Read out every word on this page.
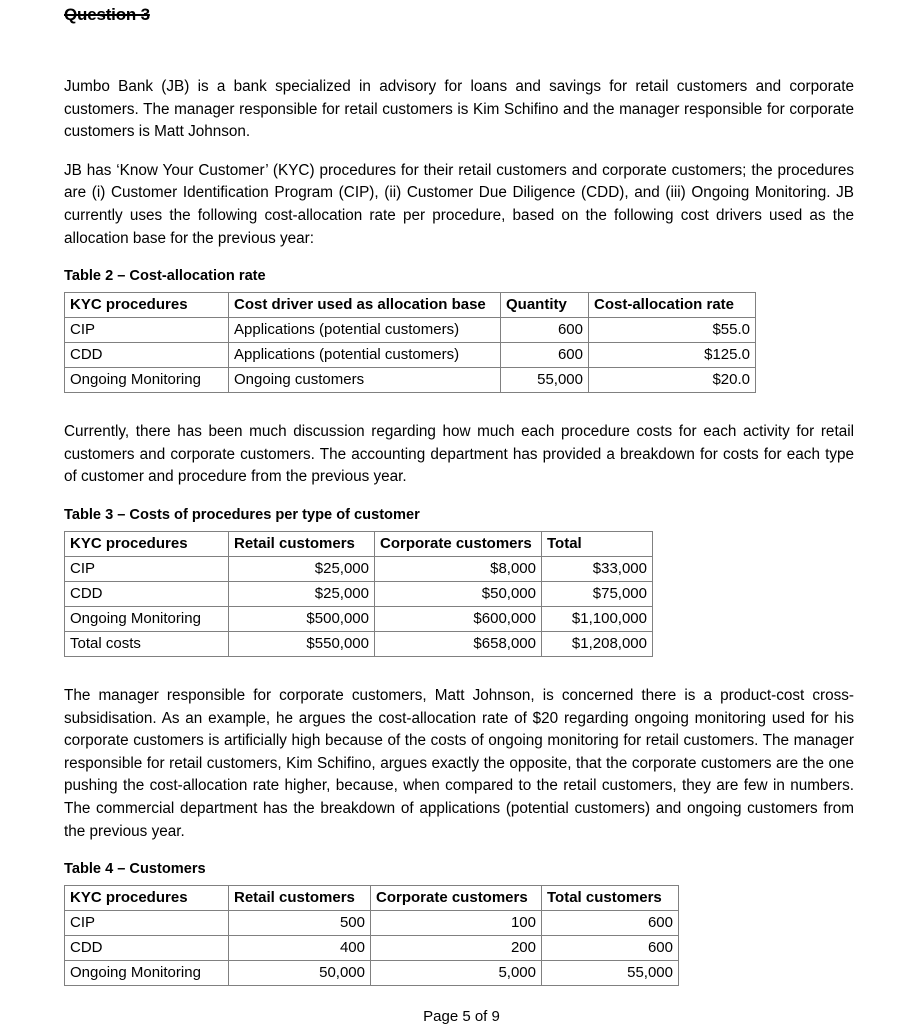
Question 3

Jumbo Bank (JB) is a bank specialized in advisory for loans and savings for retail customers and corporate customers. The manager responsible for retail customers is Kim Schifino and the manager responsible for corporate customers is Matt Johnson.

JB has ‘Know Your Customer’ (KYC) procedures for their retail customers and corporate customers; the procedures are (i) Customer Identification Program (CIP), (ii) Customer Due Diligence (CDD), and (iii) Ongoing Monitoring. JB currently uses the following cost-allocation rate per procedure, based on the following cost drivers used as the allocation base for the previous year:

Table 2 – Cost-allocation rate
KYC procedures	Cost driver used as allocation base	Quantity	Cost-allocation rate
CIP	Applications (potential customers)	600	$55.0
CDD	Applications (potential customers)	600	$125.0
Ongoing Monitoring	Ongoing customers	55,000	$20.0

Currently, there has been much discussion regarding how much each procedure costs for each activity for retail customers and corporate customers. The accounting department has provided a breakdown for costs for each type of customer and procedure from the previous year.

Table 3 – Costs of procedures per type of customer
KYC procedures	Retail customers	Corporate customers	Total
CIP	$25,000	$8,000	$33,000
CDD	$25,000	$50,000	$75,000
Ongoing Monitoring	$500,000	$600,000	$1,100,000
Total costs	$550,000	$658,000	$1,208,000

The manager responsible for corporate customers, Matt Johnson, is concerned there is a product-cost cross-subsidisation. As an example, he argues the cost-allocation rate of $20 regarding ongoing monitoring used for his corporate customers is artificially high because of the costs of ongoing monitoring for retail customers. The manager responsible for retail customers, Kim Schifino, argues exactly the opposite, that the corporate customers are the one pushing the cost-allocation rate higher, because, when compared to the retail customers, they are few in numbers. The commercial department has the breakdown of applications (potential customers) and ongoing customers from the previous year.

Table 4 – Customers
KYC procedures	Retail customers	Corporate customers	Total customers
CIP	500	100	600
CDD	400	200	600
Ongoing Monitoring	50,000	5,000	55,000
Page 5 of 9
